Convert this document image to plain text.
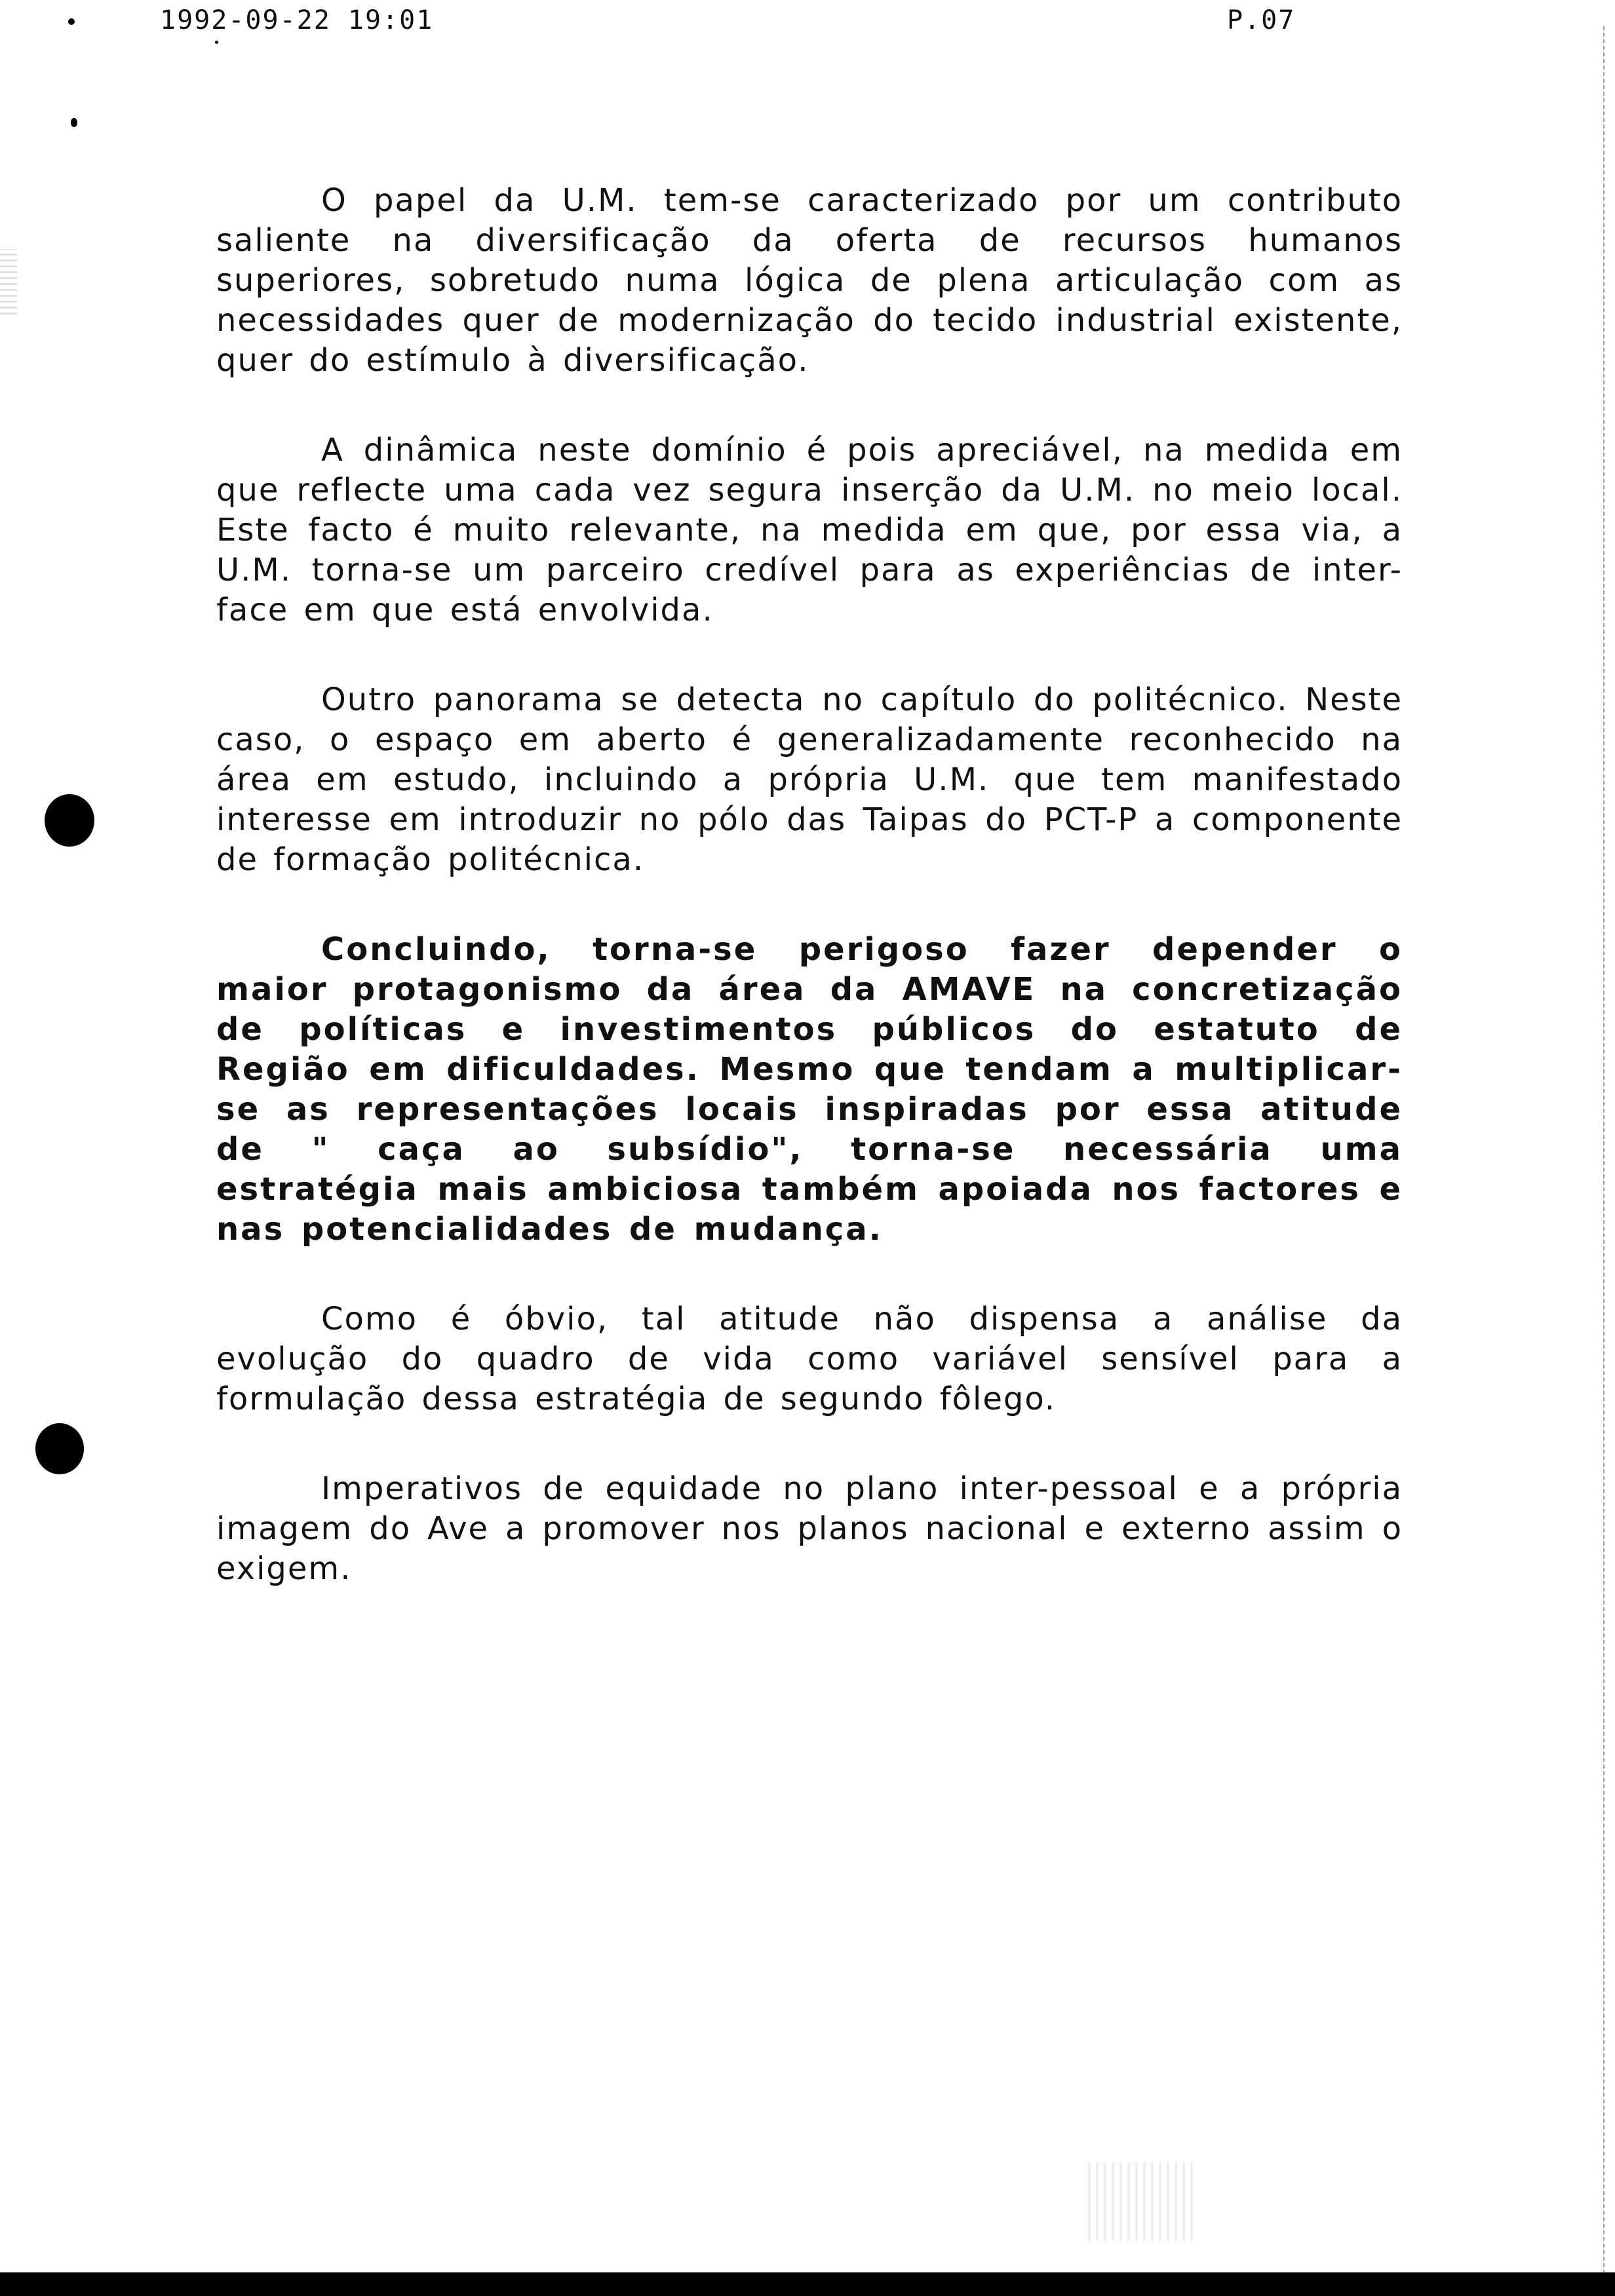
1992-09-22 19:01	P.07

O papel da U.M. tem-se caracterizado por um contributo saliente na diversificação da oferta de recursos humanos superiores, sobretudo numa lógica de plena articulação com as necessidades quer de modernização do tecido industrial existente, quer do estímulo à diversificação.

A dinâmica neste domínio é pois apreciável, na medida em que reflecte uma cada vez segura inserção da U.M. no meio local. Este facto é muito relevante, na medida em que, por essa via, a U.M. torna-se um parceiro credível para as experiências de inter-face em que está envolvida.

Outro panorama se detecta no capítulo do politécnico. Neste caso, o espaço em aberto é generalizadamente reconhecido na área em estudo, incluindo a própria U.M. que tem manifestado interesse em introduzir no pólo das Taipas do PCT-P a componente de formação politécnica.

Concluindo, torna-se perigoso fazer depender o maior protagonismo da área da AMAVE na concretização de políticas e investimentos públicos do estatuto de Região em dificuldades. Mesmo que tendam a multiplicar-se as representações locais inspiradas por essa atitude de " caça ao subsídio", torna-se necessária uma estratégia mais ambiciosa também apoiada nos factores e nas potencialidades de mudança.

Como é óbvio, tal atitude não dispensa a análise da evolução do quadro de vida como variável sensível para a formulação dessa estratégia de segundo fôlego.

Imperativos de equidade no plano inter-pessoal e a própria imagem do Ave a promover nos planos nacional e externo assim o exigem.
